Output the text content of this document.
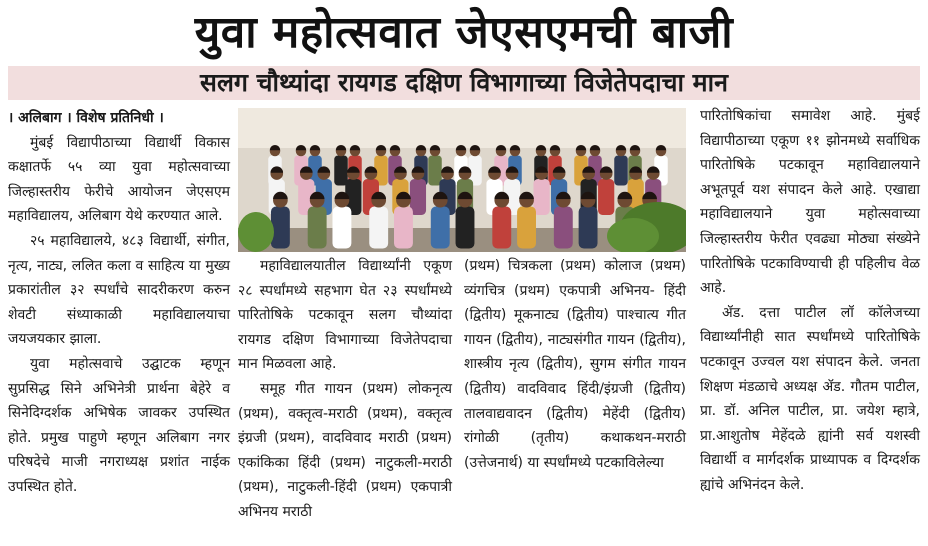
युवा महोत्सवात जेएसएमची बाजी
सलग चौथ्यांदा रायगड दक्षिण विभागाच्या विजेतेपदाचा मान

। अलिबाग । विशेष प्रतिनिधी ।

मुंबई विद्यापीठाच्या विद्यार्थी विकास कक्षातर्फे ५५ व्या युवा महोत्सवाच्या जिल्हास्तरीय फेरीचे आयोजन जेएसएम महाविद्यालय, अलिबाग येथे करण्यात आले.

२५ महाविद्यालये, ४८३ विद्यार्थी, संगीत, नृत्य, नाट्य, ललित कला व साहित्य या मुख्य प्रकारांतील ३२ स्पर्धांचे सादरीकरण करुन शेवटी संध्याकाळी महाविद्यालयाचा जयजयकार झाला.

युवा महोत्सवाचे उद्घाटक म्हणून सुप्रसिद्ध सिने अभिनेत्री प्रार्थना बेहेरे व सिनेदिग्दर्शक अभिषेक जावकर उपस्थित होते. प्रमुख पाहुणे म्हणून अलिबाग नगर परिषदेचे माजी नगराध्यक्ष प्रशांत नाईक उपस्थित होते.

महाविद्यालयातील विद्यार्थ्यांनी एकूण २८ स्पर्धांमध्ये सहभाग घेत २३ स्पर्धांमध्ये पारितोषिके पटकावून सलग चौथ्यांदा रायगड दक्षिण विभागाच्या विजेतेपदाचा मान मिळवला आहे.

समूह गीत गायन (प्रथम) लोकनृत्य (प्रथम), वक्तृत्व-मराठी (प्रथम), वक्तृत्व इंग्रजी (प्रथम), वादविवाद मराठी (प्रथम) एकांकिका हिंदी (प्रथम) नाटुकली-मराठी (प्रथम), नाटुकली-हिंदी (प्रथम) एकपात्री अभिनय मराठी

(प्रथम) चित्रकला (प्रथम) कोलाज (प्रथम) व्यंगचित्र (प्रथम) एकपात्री अभिनय- हिंदी (द्वितीय) मूकनाट्य (द्वितीय) पाश्चात्य गीत गायन (द्वितीय), नाट्यसंगीत गायन (द्वितीय), शास्त्रीय नृत्य (द्वितीय), सुगम संगीत गायन (द्वितीय) वादविवाद हिंदी/इंग्रजी (द्वितीय) तालवाद्यवादन (द्वितीय) मेहेंदी (द्वितीय) रांगोळी (तृतीय) कथाकथन-मराठी (उत्तेजनार्थ) या स्पर्धांमध्ये पटकाविलेल्या

पारितोषिकांचा समावेश आहे. मुंबई विद्यापीठाच्या एकूण ११ झोनमध्ये सर्वाधिक पारितोषिके पटकावून महाविद्यालयाने अभूतपूर्व यश संपादन केले आहे. एखाद्या महाविद्यालयाने युवा महोत्सवाच्या जिल्हास्तरीय फेरीत एवढ्या मोठ्या संख्येने पारितोषिके पटकाविण्याची ही पहिलीच वेळ आहे.

ॲड. दत्ता पाटील लॉ कॉलेजच्या विद्यार्थ्यांनीही सात स्पर्धांमध्ये पारितोषिके पटकावून उज्वल यश संपादन केले. जनता शिक्षण मंडळाचे अध्यक्ष ॲड. गौतम पाटील, प्रा. डॉ. अनिल पाटील, प्रा. जयेश म्हात्रे, प्रा.आशुतोष मेहेंदळे ह्यांनी सर्व यशस्वी विद्यार्थी व मार्गदर्शक प्राध्यापक व दिग्दर्शक ह्यांचे अभिनंदन केले.
